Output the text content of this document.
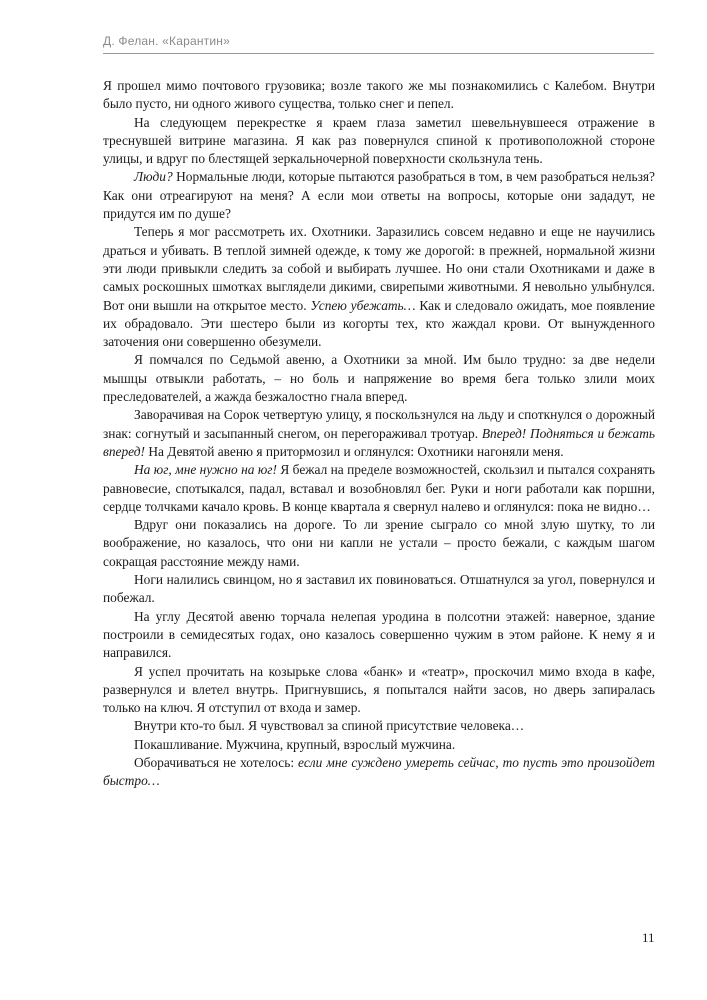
Д. Фелан. «Карантин»

Я прошел мимо почтового грузовика; возле такого же мы познакомились с Калебом. Внутри было пусто, ни одного живого существа, только снег и пепел.

На следующем перекрестке я краем глаза заметил шевельнувшееся отражение в треснувшей витрине магазина. Я как раз повернулся спиной к противоположной стороне улицы, и вдруг по блестящей зеркальночерной поверхности скользнула тень.

Люди? Нормальные люди, которые пытаются разобраться в том, в чем разобраться нельзя? Как они отреагируют на меня? А если мои ответы на вопросы, которые они зададут, не придутся им по душе?

Теперь я мог рассмотреть их. Охотники. Заразились совсем недавно и еще не научились драться и убивать. В теплой зимней одежде, к тому же дорогой: в прежней, нормальной жизни эти люди привыкли следить за собой и выбирать лучшее. Но они стали Охотниками и даже в самых роскошных шмотках выглядели дикими, свирепыми животными. Я невольно улыбнулся. Вот они вышли на открытое место. Успею убежать… Как и следовало ожидать, мое появление их обрадовало. Эти шестеро были из когорты тех, кто жаждал крови. От вынужденного заточения они совершенно обезумели.

Я помчался по Седьмой авеню, а Охотники за мной. Им было трудно: за две недели мышцы отвыкли работать, – но боль и напряжение во время бега только злили моих преследователей, а жажда безжалостно гнала вперед.

Заворачивая на Сорок четвертую улицу, я поскользнулся на льду и споткнулся о дорожный знак: согнутый и засыпанный снегом, он перегораживал тротуар. Вперед! Подняться и бежать вперед! На Девятой авеню я притормозил и оглянулся: Охотники нагоняли меня.

На юг, мне нужно на юг! Я бежал на пределе возможностей, скользил и пытался сохранять равновесие, спотыкался, падал, вставал и возобновлял бег. Руки и ноги работали как поршни, сердце толчками качало кровь. В конце квартала я свернул налево и оглянулся: пока не видно…

Вдруг они показались на дороге. То ли зрение сыграло со мной злую шутку, то ли воображение, но казалось, что они ни капли не устали – просто бежали, с каждым шагом сокращая расстояние между нами.

Ноги налились свинцом, но я заставил их повиноваться. Отшатнулся за угол, повернулся и побежал.

На углу Десятой авеню торчала нелепая уродина в полсотни этажей: наверное, здание построили в семидесятых годах, оно казалось совершенно чужим в этом районе. К нему я и направился.

Я успел прочитать на козырьке слова «банк» и «театр», проскочил мимо входа в кафе, развернулся и влетел внутрь. Пригнувшись, я попытался найти засов, но дверь запиралась только на ключ. Я отступил от входа и замер.

Внутри кто-то был. Я чувствовал за спиной присутствие человека…

Покашливание. Мужчина, крупный, взрослый мужчина.

Оборачиваться не хотелось: если мне суждено умереть сейчас, то пусть это произойдет быстро…

11
